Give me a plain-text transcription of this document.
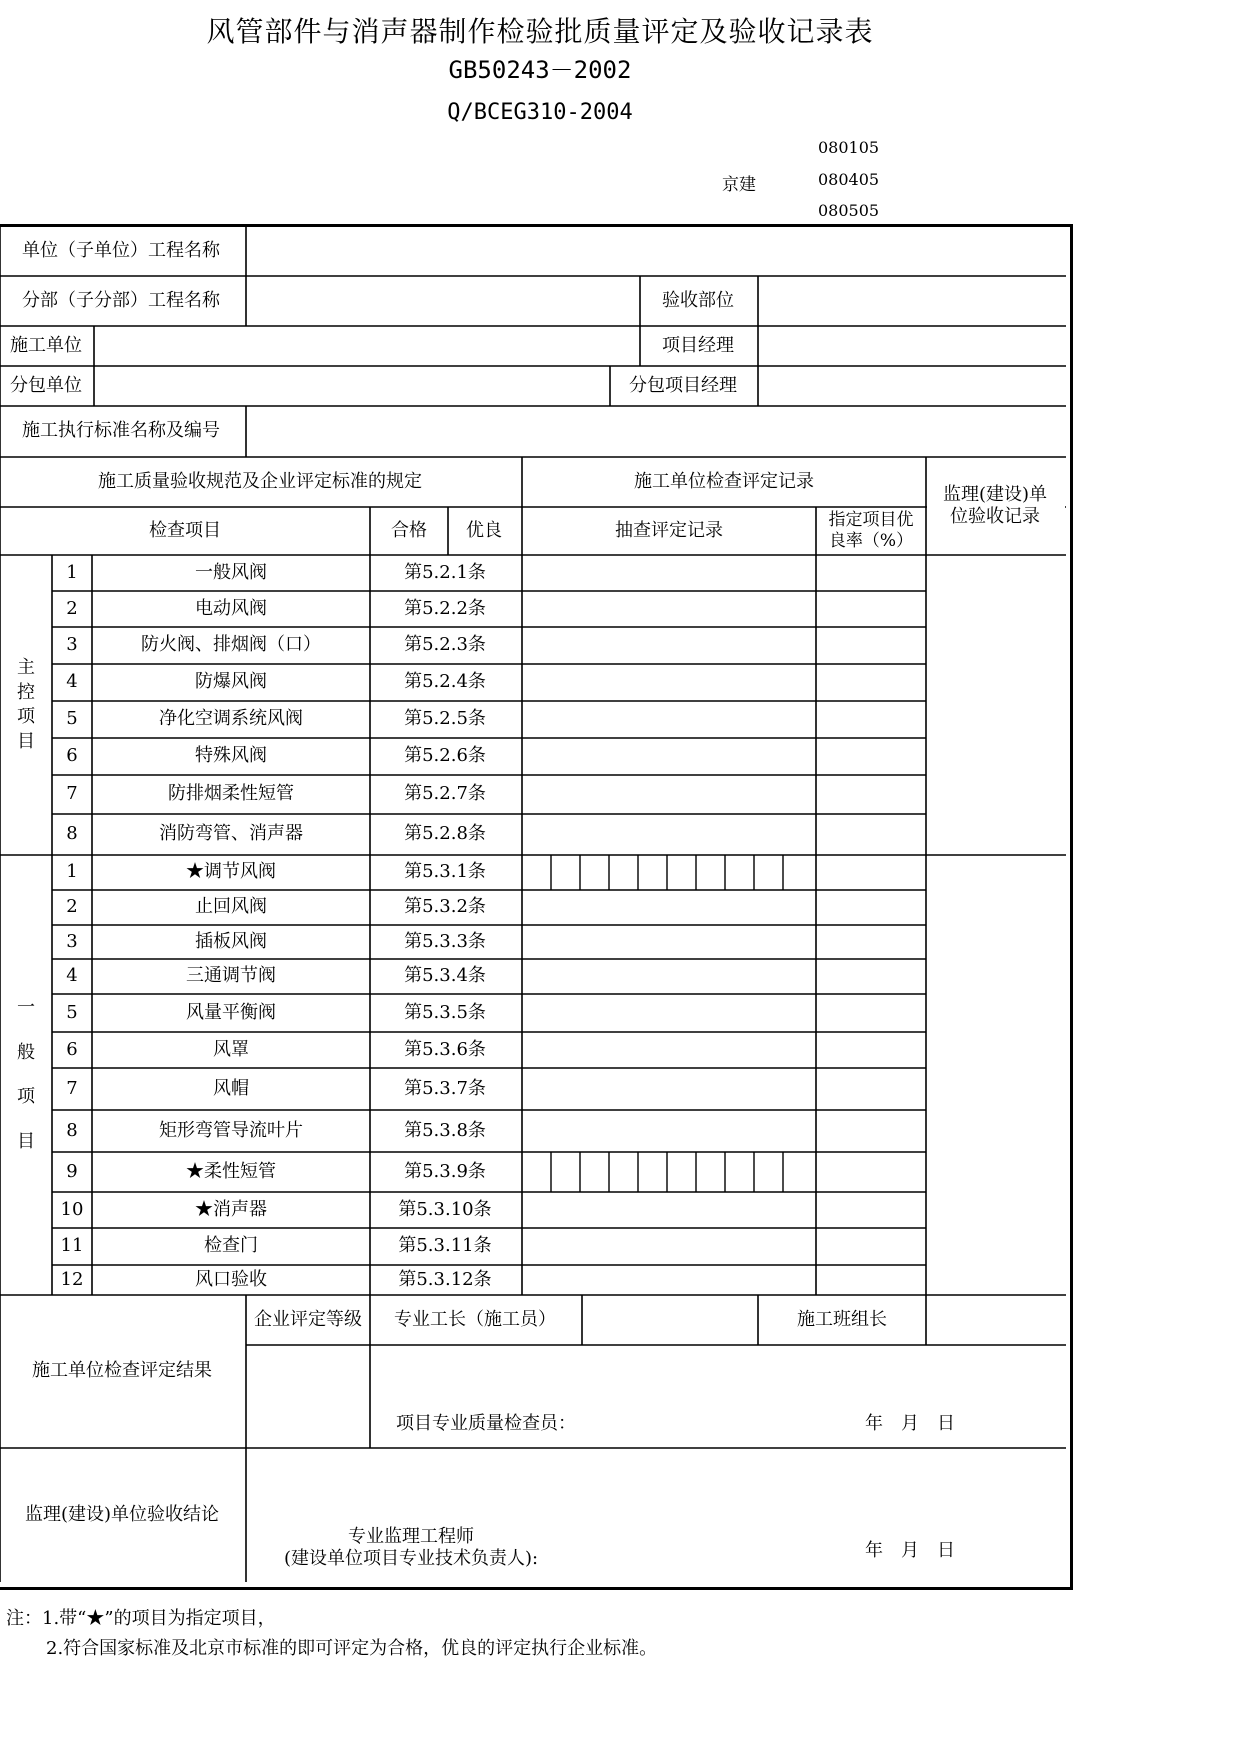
风管部件与消声器制作检验批质量评定及验收记录表
GB50243－2002
Q/BCEG310-2004
京建
080105
080405
080505
单位（子单位）工程名称
分部（子分部）工程名称	验收部位
施工单位	项目经理
分包单位	分包项目经理
施工执行标准名称及编号
施工质量验收规范及企业评定标准的规定	施工单位检查评定记录
监理(建设)单位验收记录
检查项目	合格	优良	抽查评定记录	指定项目优良率（%）
主
控
项
目
一
般
项
目
1	一般风阀	第5.2.1条
2	电动风阀	第5.2.2条
3	防火阀、排烟阀（口）	第5.2.3条
4	防爆风阀	第5.2.4条
5	净化空调系统风阀	第5.2.5条
6	特殊风阀	第5.2.6条
7	防排烟柔性短管	第5.2.7条
8	消防弯管、消声器	第5.2.8条
1	★调节风阀	第5.3.1条
2	止回风阀	第5.3.2条
3	插板风阀	第5.3.3条
4	三通调节阀	第5.3.4条
5	风量平衡阀	第5.3.5条
6	风罩	第5.3.6条
7	风帽	第5.3.7条
8	矩形弯管导流叶片	第5.3.8条
9	★柔性短管	第5.3.9条
10	★消声器	第5.3.10条
11	检查门	第5.3.11条
12	风口验收	第5.3.12条
施工单位检查评定结果
企业评定等级	专业工长（施工员）	施工班组长
项目专业质量检查员：	年　月　日
监理(建设)单位验收结论
专业监理工程师
(建设单位项目专业技术负责人):	年　月　日
注：1.带“★”的项目为指定项目，
2.符合国家标准及北京市标准的即可评定为合格，优良的评定执行企业标准。
